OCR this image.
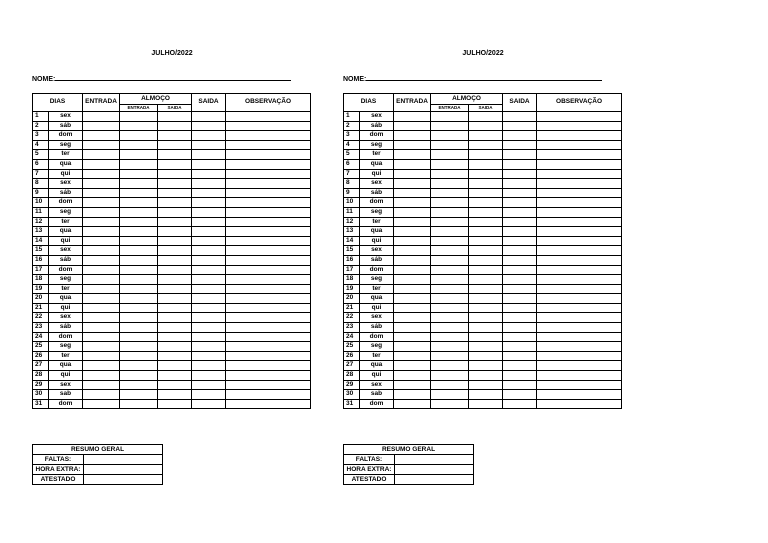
JULHO/2022
NOME:
DIAS		ENTRADA	ALMOÇO		SAIDA	OBSERVAÇÃO
			ENTRADA	SAIDA		
1	sex					
2	sáb					
3	dom					
4	seg					
5	ter					
6	qua					
7	qui					
8	sex					
9	sáb					
10	dom					
11	seg					
12	ter					
13	qua					
14	qui					
15	sex					
16	sáb					
17	dom					
18	seg					
19	ter					
20	qua					
21	qui					
22	sex					
23	sáb					
24	dom					
25	seg					
26	ter					
27	qua					
28	qui					
29	sex					
30	sab					
31	dom					
RESUMO GERAL	
FALTAS:	
HORA EXTRA:	
ATESTADO	
JULHO/2022
NOME:
DIAS		ENTRADA	ALMOÇO		SAIDA	OBSERVAÇÃO
			ENTRADA	SAIDA		
1	sex					
2	sáb					
3	dom					
4	seg					
5	ter					
6	qua					
7	qui					
8	sex					
9	sáb					
10	dom					
11	seg					
12	ter					
13	qua					
14	qui					
15	sex					
16	sáb					
17	dom					
18	seg					
19	ter					
20	qua					
21	qui					
22	sex					
23	sáb					
24	dom					
25	seg					
26	ter					
27	qua					
28	qui					
29	sex					
30	sab					
31	dom					
RESUMO GERAL	
FALTAS:	
HORA EXTRA:	
ATESTADO	
